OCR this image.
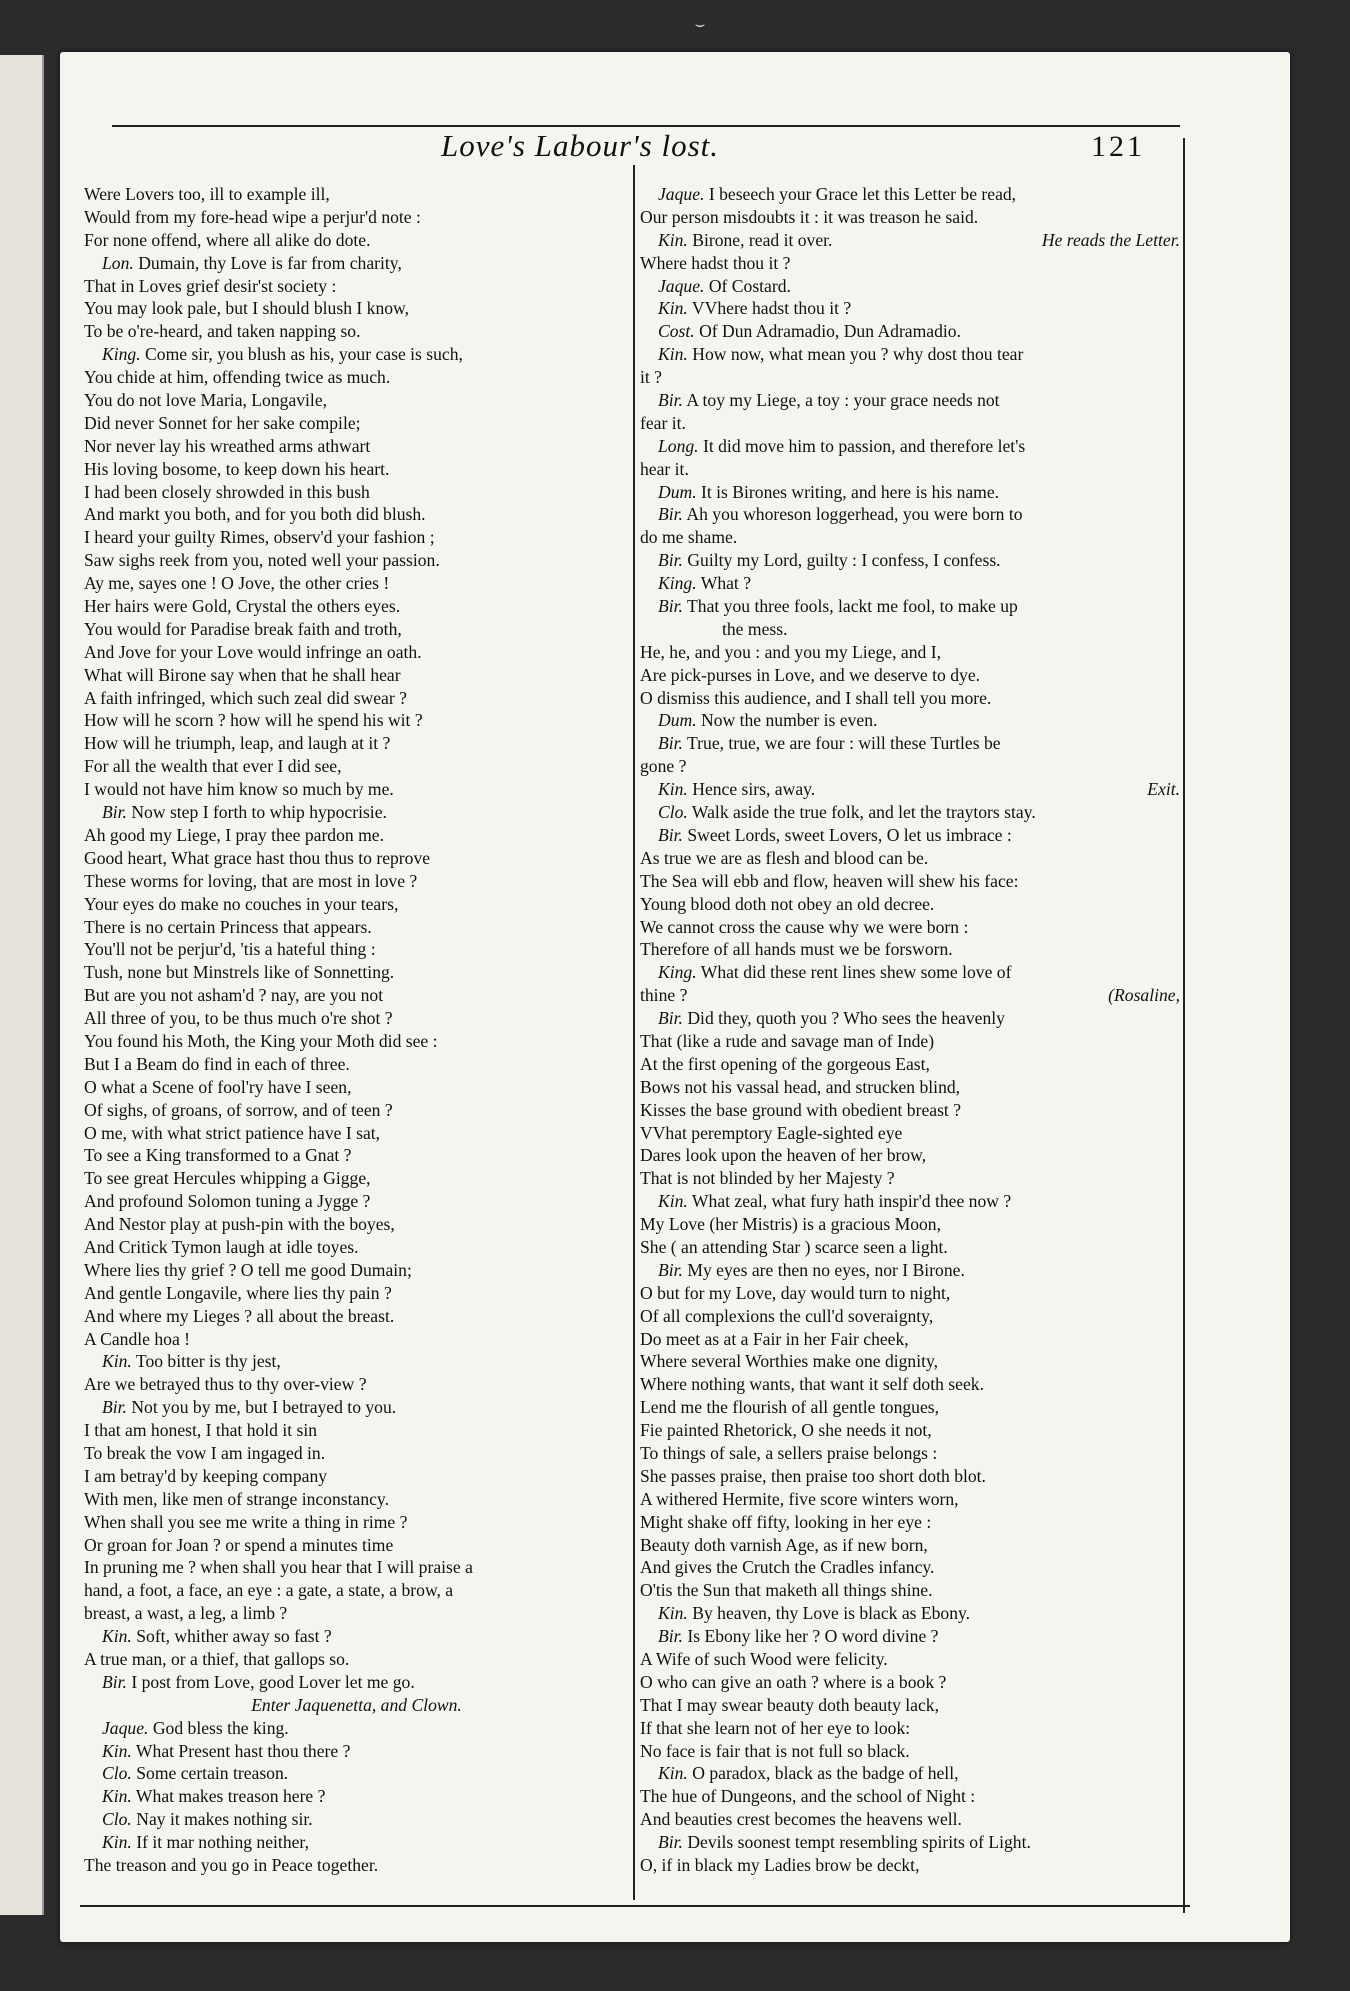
⌣
Love's Labour's lost.	121
Were Lovers too, ill to example ill,
Would from my fore-head wipe a perjur'd note :
For none offend, where all alike do dote.
Lon. Dumain, thy Love is far from charity,
That in Loves grief desir'st society :
You may look pale, but I should blush I know,
To be o're-heard, and taken napping so.
King. Come sir, you blush as his, your case is such,
You chide at him, offending twice as much.
You do not love Maria, Longavile,
Did never Sonnet for her sake compile;
Nor never lay his wreathed arms athwart
His loving bosome, to keep down his heart.
I had been closely shrowded in this bush
And markt you both, and for you both did blush.
I heard your guilty Rimes, observ'd your fashion ;
Saw sighs reek from you, noted well your passion.
Ay me, sayes one ! O Jove, the other cries !
Her hairs were Gold, Crystal the others eyes.
You would for Paradise break faith and troth,
And Jove for your Love would infringe an oath.
What will Birone say when that he shall hear
A faith infringed, which such zeal did swear ?
How will he scorn ? how will he spend his wit ?
How will he triumph, leap, and laugh at it ?
For all the wealth that ever I did see,
I would not have him know so much by me.
Bir. Now step I forth to whip hypocrisie.
Ah good my Liege, I pray thee pardon me.
Good heart, What grace hast thou thus to reprove
These worms for loving, that are most in love ?
Your eyes do make no couches in your tears,
There is no certain Princess that appears.
You'll not be perjur'd, 'tis a hateful thing :
Tush, none but Minstrels like of Sonnetting.
But are you not asham'd ? nay, are you not
All three of you, to be thus much o're shot ?
You found his Moth, the King your Moth did see :
But I a Beam do find in each of three.
O what a Scene of fool'ry have I seen,
Of sighs, of groans, of sorrow, and of teen ?
O me, with what strict patience have I sat,
To see a King transformed to a Gnat ?
To see great Hercules whipping a Gigge,
And profound Solomon tuning a Jygge ?
And Nestor play at push-pin with the boyes,
And Critick Tymon laugh at idle toyes.
Where lies thy grief ? O tell me good Dumain;
And gentle Longavile, where lies thy pain ?
And where my Lieges ? all about the breast.
A Candle hoa !
Kin. Too bitter is thy jest,
Are we betrayed thus to thy over-view ?
Bir. Not you by me, but I betrayed to you.
I that am honest, I that hold it sin
To break the vow I am ingaged in.
I am betray'd by keeping company
With men, like men of strange inconstancy.
When shall you see me write a thing in rime ?
Or groan for Joan ? or spend a minutes time
In pruning me ? when shall you hear that I will praise a
hand, a foot, a face, an eye : a gate, a state, a brow, a
breast, a wast, a leg, a limb ?
Kin. Soft, whither away so fast ?
A true man, or a thief, that gallops so.
Bir. I post from Love, good Lover let me go.
Enter Jaquenetta, and Clown.
Jaque. God bless the king.
Kin. What Present hast thou there ?
Clo. Some certain treason.
Kin. What makes treason here ?
Clo. Nay it makes nothing sir.
Kin. If it mar nothing neither,
The treason and you go in Peace together.
Jaque. I beseech your Grace let this Letter be read,
Our person misdoubts it : it was treason he said.
He reads the Letter.
Kin. Birone, read it over.
Where hadst thou it ?
Jaque. Of Costard.
Kin. VVhere hadst thou it ?
Cost. Of Dun Adramadio, Dun Adramadio.
Kin. How now, what mean you ? why dost thou tear
it ?
Bir. A toy my Liege, a toy : your grace needs not
fear it.
Long. It did move him to passion, and therefore let's
hear it.
Dum. It is Birones writing, and here is his name.
Bir. Ah you whoreson loggerhead, you were born to
do me shame.
Bir. Guilty my Lord, guilty : I confess, I confess.
King. What ?
Bir. That you three fools, lackt me fool, to make up
the mess.
He, he, and you : and you my Liege, and I,
Are pick-purses in Love, and we deserve to dye.
O dismiss this audience, and I shall tell you more.
Dum. Now the number is even.
Bir. True, true, we are four : will these Turtles be
gone ?
Exit.
Kin. Hence sirs, away.
Clo. Walk aside the true folk, and let the traytors stay.
Bir. Sweet Lords, sweet Lovers, O let us imbrace :
As true we are as flesh and blood can be.
The Sea will ebb and flow, heaven will shew his face:
Young blood doth not obey an old decree.
We cannot cross the cause why we were born :
Therefore of all hands must we be forsworn.
King. What did these rent lines shew some love of
(Rosaline,
thine ?
Bir. Did they, quoth you ? Who sees the heavenly
That (like a rude and savage man of Inde)
At the first opening of the gorgeous East,
Bows not his vassal head, and strucken blind,
Kisses the base ground with obedient breast ?
VVhat peremptory Eagle-sighted eye
Dares look upon the heaven of her brow,
That is not blinded by her Majesty ?
Kin. What zeal, what fury hath inspir'd thee now ?
My Love (her Mistris) is a gracious Moon,
She ( an attending Star ) scarce seen a light.
Bir. My eyes are then no eyes, nor I Birone.
O but for my Love, day would turn to night,
Of all complexions the cull'd soveraignty,
Do meet as at a Fair in her Fair cheek,
Where several Worthies make one dignity,
Where nothing wants, that want it self doth seek.
Lend me the flourish of all gentle tongues,
Fie painted Rhetorick, O she needs it not,
To things of sale, a sellers praise belongs :
She passes praise, then praise too short doth blot.
A withered Hermite, five score winters worn,
Might shake off fifty, looking in her eye :
Beauty doth varnish Age, as if new born,
And gives the Crutch the Cradles infancy.
O'tis the Sun that maketh all things shine.
Kin. By heaven, thy Love is black as Ebony.
Bir. Is Ebony like her ? O word divine ?
A Wife of such Wood were felicity.
O who can give an oath ? where is a book ?
That I may swear beauty doth beauty lack,
If that she learn not of her eye to look:
No face is fair that is not full so black.
Kin. O paradox, black as the badge of hell,
The hue of Dungeons, and the school of Night :
And beauties crest becomes the heavens well.
Bir. Devils soonest tempt resembling spirits of Light.
O, if in black my Ladies brow be deckt,
